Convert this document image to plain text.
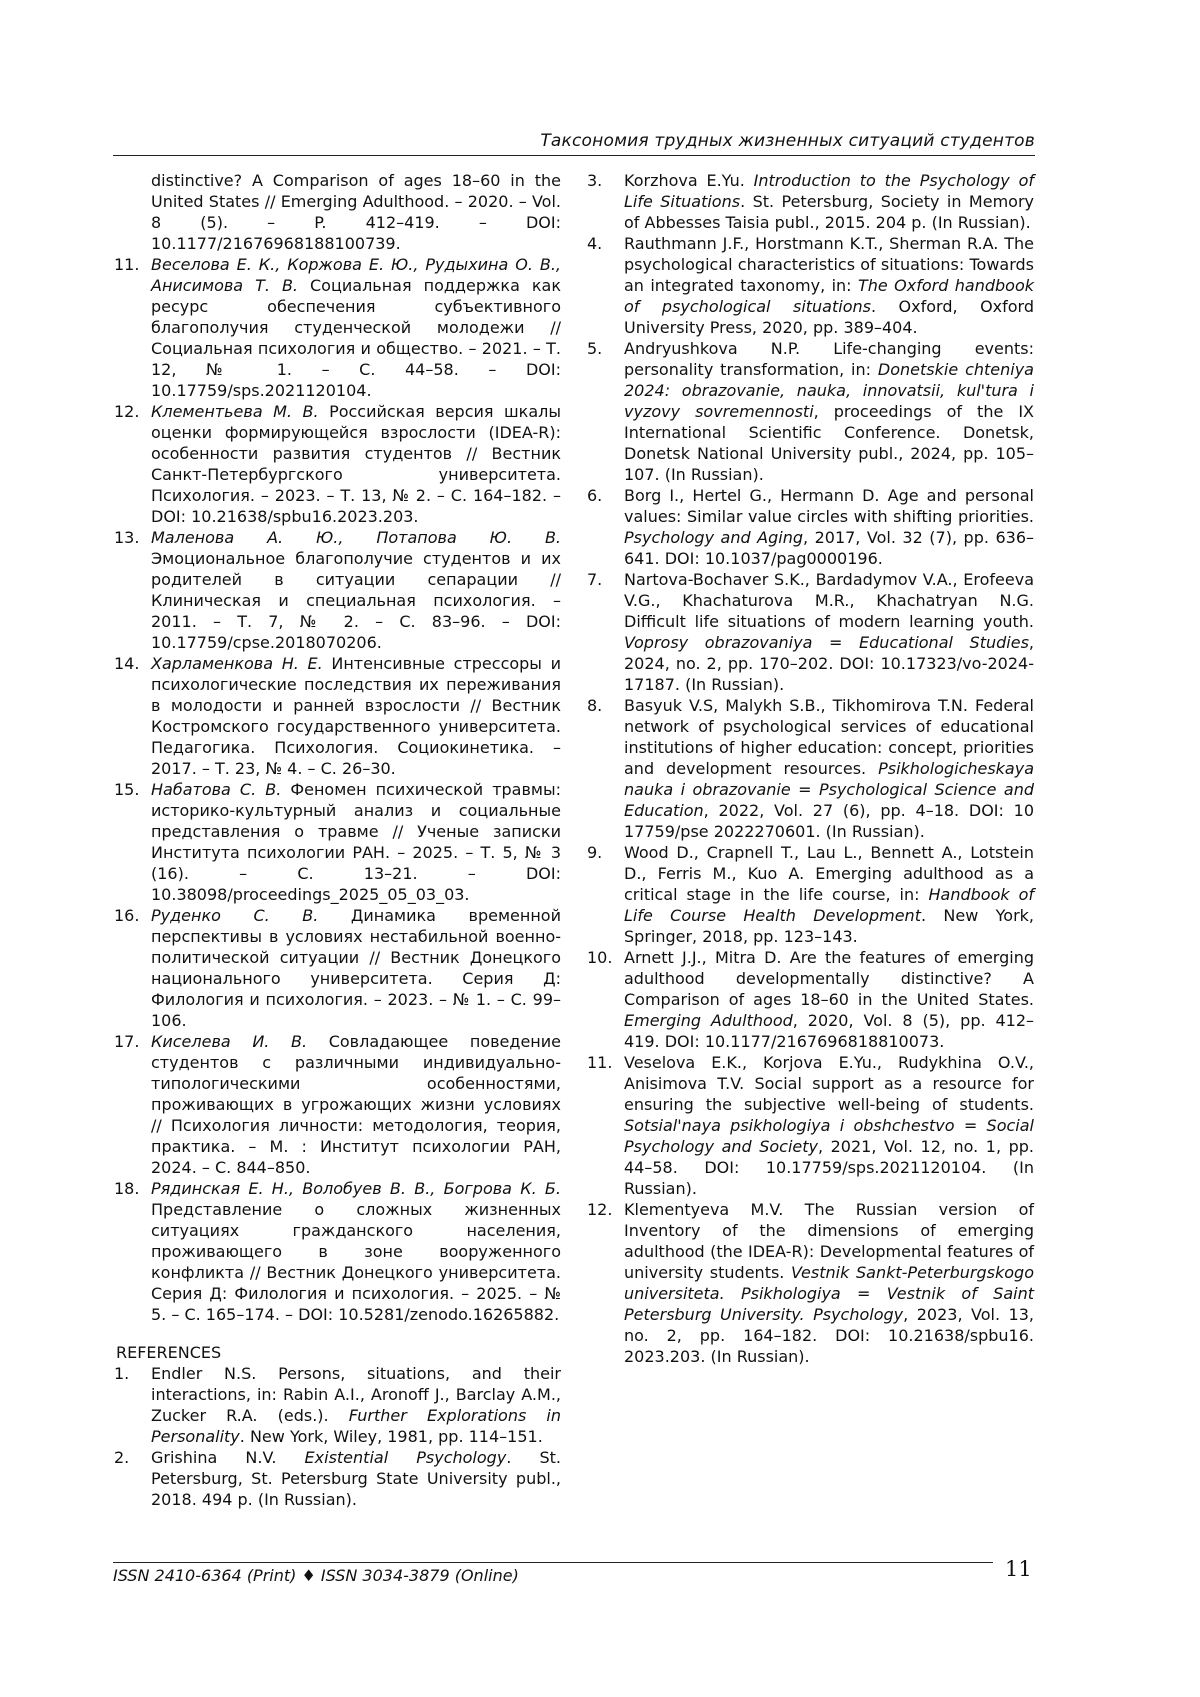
Таксономия трудных жизненных ситуаций студентов

distinctive? A Comparison of ages 18–60 in the United States // Emerging Adulthood. – 2020. – Vol. 8 (5). – P. 412–419. – DOI: 10.1177/21676968188100739.

11. Веселова Е. К., Коржова Е. Ю., Рудыхина О. В., Анисимова Т. В. Социальная поддержка как ресурс обеспечения субъективного благополучия студенческой молодежи // Социальная психология и общество. – 2021. – Т. 12, № 1. – С. 44–58. – DOI: 10.17759/sps.2021120104.
12. Клементьева М. В. Российская версия шкалы оценки формирующейся взрослости (IDEA-R): особенности развития студентов // Вестник Санкт-Петербургского университета. Психология. – 2023. – Т. 13, № 2. – С. 164–182. – DOI: 10.21638/spbu16.2023.203.
13. Маленова А. Ю., Потапова Ю. В. Эмоциональное благополучие студентов и их родителей в ситуации сепарации // Клиническая и специальная психология. – 2011. – Т. 7, № 2. – С. 83–96. – DOI: 10.17759/cpse.2018070206.
14. Харламенкова Н. Е. Интенсивные стрессоры и психологические последствия их переживания в молодости и ранней взрослости // Вестник Костромского государственного университета. Педагогика. Психология. Социокинетика. – 2017. – Т. 23, № 4. – С. 26–30.
15. Набатова С. В. Феномен психической травмы: историко-культурный анализ и социальные представления о травме // Ученые записки Института психологии РАН. – 2025. – Т. 5, № 3 (16). – С. 13–21. – DOI: 10.38098/proceedings_2025_05_03_03.
16. Руденко С. В. Динамика временной перспективы в условиях нестабильной военно-политической ситуации // Вестник Донецкого национального университета. Серия Д: Филология и психология. – 2023. – № 1. – С. 99–106.
17. Киселева И. В. Совладающее поведение студентов с различными индивидуально-типологическими особенностями, проживающих в угрожающих жизни условиях // Психология личности: методология, теория, практика. – М. : Институт психологии РАН, 2024. – С. 844–850.
18. Рядинская Е. Н., Волобуев В. В., Богрова К. Б. Представление о сложных жизненных ситуациях гражданского населения, проживающего в зоне вооруженного конфликта // Вестник Донецкого университета. Серия Д: Филология и психология. – 2025. – № 5. – С. 165–174. – DOI: 10.5281/zenodo.16265882.
REFERENCES
1. Endler N.S. Persons, situations, and their interactions, in: Rabin A.I., Aronoff J., Barclay A.M., Zucker R.A. (eds.). Further Explorations in Personality. New York, Wiley, 1981, pp. 114–151.
2. Grishina N.V. Existential Psychology. St. Petersburg, St. Petersburg State University publ., 2018. 494 p. (In Russian).
3. Korzhova E.Yu. Introduction to the Psychology of Life Situations. St. Petersburg, Society in Memory of Abbesses Taisia publ., 2015. 204 p. (In Russian).
4. Rauthmann J.F., Horstmann K.T., Sherman R.A. The psychological characteristics of situations: Towards an integrated taxonomy, in: The Oxford handbook of psychological situations. Oxford, Oxford University Press, 2020, pp. 389–404.
5. Andryushkova N.P. Life-changing events: personality transformation, in: Donetskie chteniya 2024: obrazovanie, nauka, innovatsii, kul'tura i vyzovy sovremennosti, proceedings of the IX International Scientific Conference. Donetsk, Donetsk National University publ., 2024, pp. 105–107. (In Russian).
6. Borg I., Hertel G., Hermann D. Age and personal values: Similar value circles with shifting priorities. Psychology and Aging, 2017, Vol. 32 (7), pp. 636–641. DOI: 10.1037/pag0000196.
7. Nartova-Bochaver S.K., Bardadymov V.A., Erofeeva V.G., Khachaturova M.R., Khachatryan N.G. Difficult life situations of modern learning youth. Voprosy obrazovaniya = Educational Studies, 2024, no. 2, pp. 170–202. DOI: 10.17323/vo-2024-17187. (In Russian).
8. Basyuk V.S, Malykh S.B., Tikhomirova T.N. Federal network of psychological services of educational institutions of higher education: concept, priorities and development resources. Psikhologicheskaya nauka i obrazovanie = Psychological Science and Education, 2022, Vol. 27 (6), pp. 4–18. DOI: 10 17759/pse 2022270601. (In Russian).
9. Wood D., Crapnell T., Lau L., Bennett A., Lotstein D., Ferris M., Kuo A. Emerging adulthood as a critical stage in the life course, in: Handbook of Life Course Health Development. New York, Springer, 2018, pp. 123–143.
10. Arnett J.J., Mitra D. Are the features of emerging adulthood developmentally distinctive? A Comparison of ages 18–60 in the United States. Emerging Adulthood, 2020, Vol. 8 (5), pp. 412–419. DOI: 10.1177/2167696818810073.
11. Veselova E.K., Korjova E.Yu., Rudykhina O.V., Anisimova T.V. Social support as a resource for ensuring the subjective well-being of students. Sotsial'naya psikhologiya i obshchestvo = Social Psychology and Society, 2021, Vol. 12, no. 1, pp. 44–58. DOI: 10.17759/sps.2021120104. (In Russian).
12. Klementyeva M.V. The Russian version of Inventory of the dimensions of emerging adulthood (the IDEA-R): Developmental features of university students. Vestnik Sankt-Peterburgskogo universiteta. Psikhologiya = Vestnik of Saint Petersburg University. Psychology, 2023, Vol. 13, no. 2, pp. 164–182. DOI: 10.21638/spbu16. 2023.203. (In Russian).
ISSN 2410-6364 (Print) ♦ ISSN 3034-3879 (Online)	11
